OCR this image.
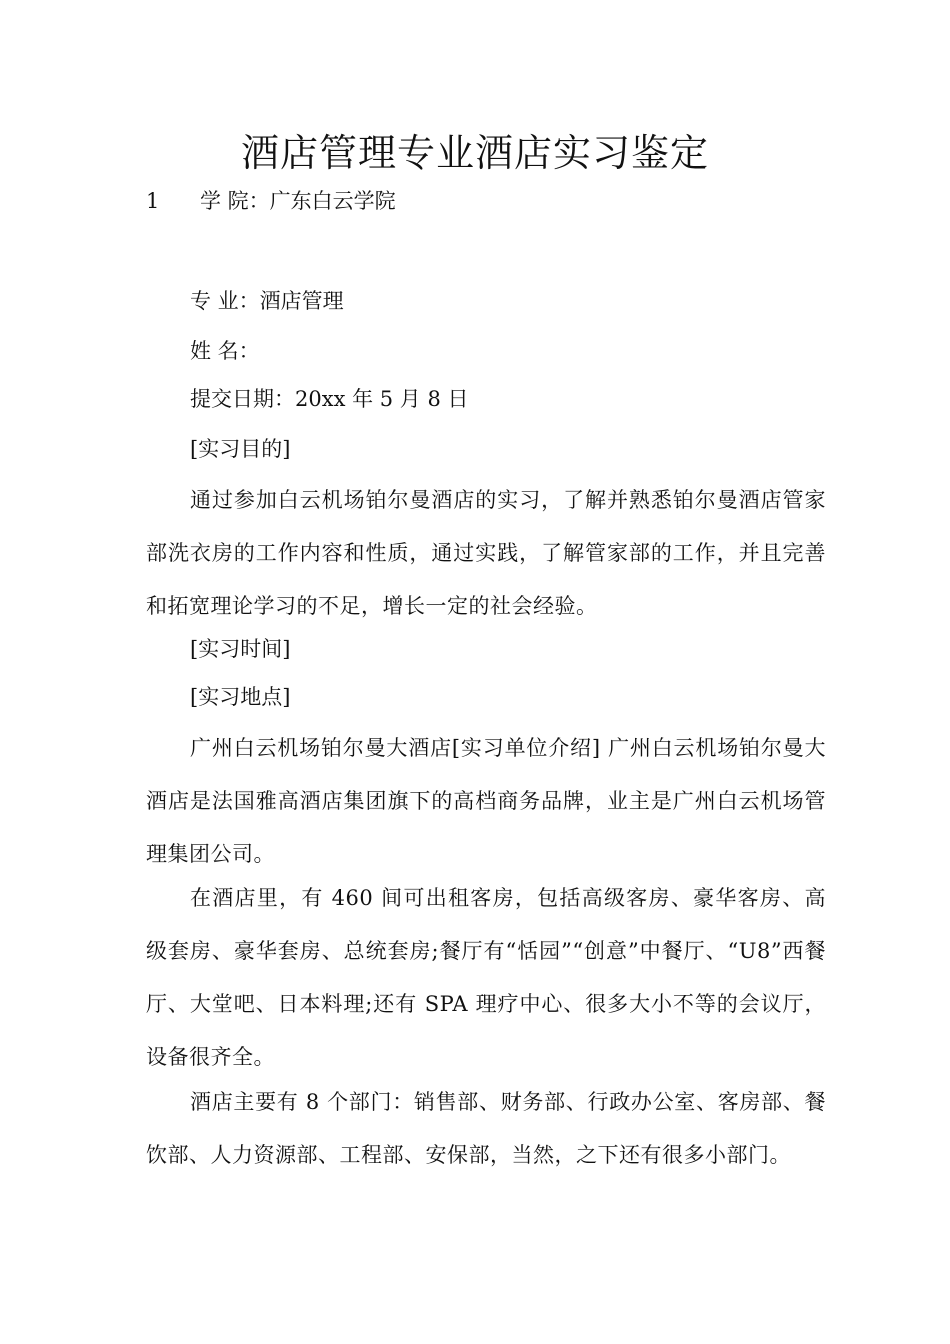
酒店管理专业酒店实习鉴定
1 学 院：广东白云学院
专 业：酒店管理
姓 名：
提交日期：20xx 年 5 月 8 日
[实习目的]
通过参加白云机场铂尔曼酒店的实习，了解并熟悉铂尔曼酒店管家部洗衣房的工作内容和性质，通过实践，了解管家部的工作，并且完善和拓宽理论学习的不足，增长一定的社会经验。
[实习时间]
[实习地点]
广州白云机场铂尔曼大酒店[实习单位介绍] 广州白云机场铂尔曼大酒店是法国雅高酒店集团旗下的高档商务品牌，业主是广州白云机场管理集团公司。
在酒店里，有 460 间可出租客房，包括高级客房、豪华客房、高级套房、豪华套房、总统套房;餐厅有“恬园”“创意”中餐厅、“U8”西餐厅、大堂吧、日本料理;还有 SPA 理疗中心、很多大小不等的会议厅，设备很齐全。
酒店主要有 8 个部门：销售部、财务部、行政办公室、客房部、餐饮部、人力资源部、工程部、安保部，当然，之下还有很多小部门。
